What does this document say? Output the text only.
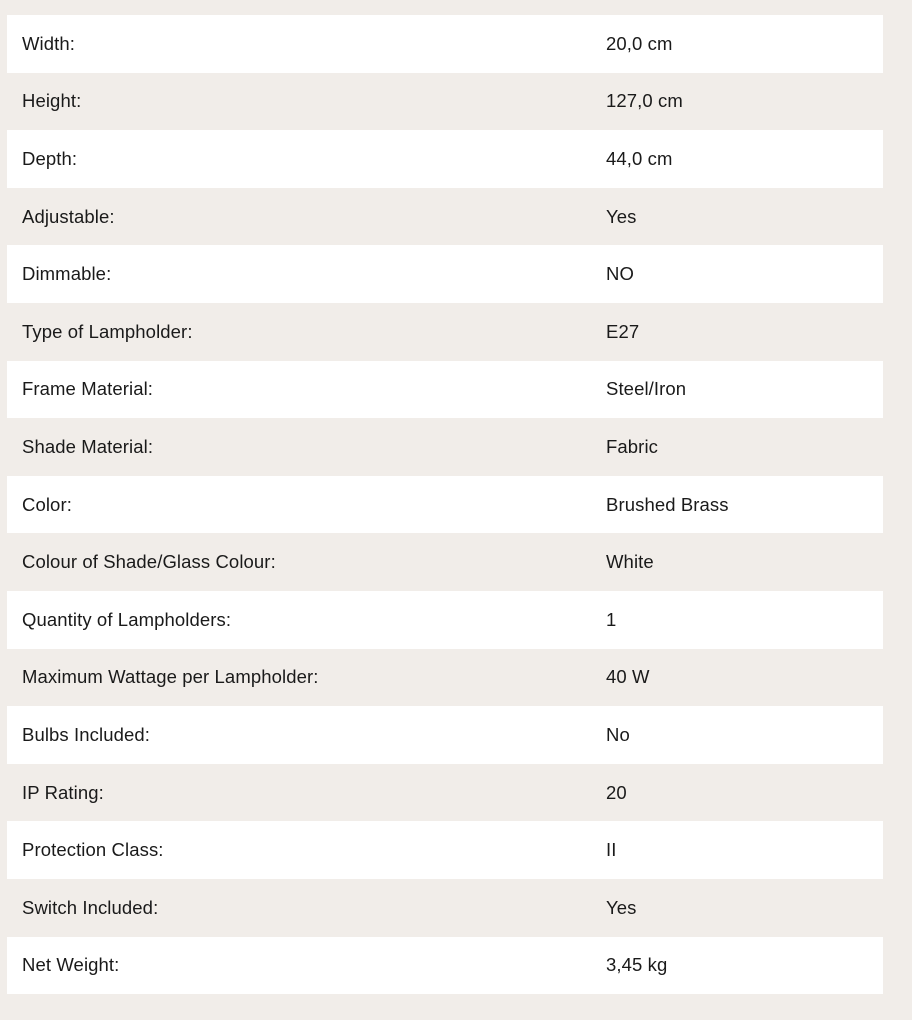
Width:	20,0 cm
Height:	127,0 cm
Depth:	44,0 cm
Adjustable:	Yes
Dimmable:	NO
Type of Lampholder:	E27
Frame Material:	Steel/Iron
Shade Material:	Fabric
Color:	Brushed Brass
Colour of Shade/Glass Colour:	White
Quantity of Lampholders:	1
Maximum Wattage per Lampholder:	40 W
Bulbs Included:	No
IP Rating:	20
Protection Class:	II
Switch Included:	Yes
Net Weight:	3,45 kg
